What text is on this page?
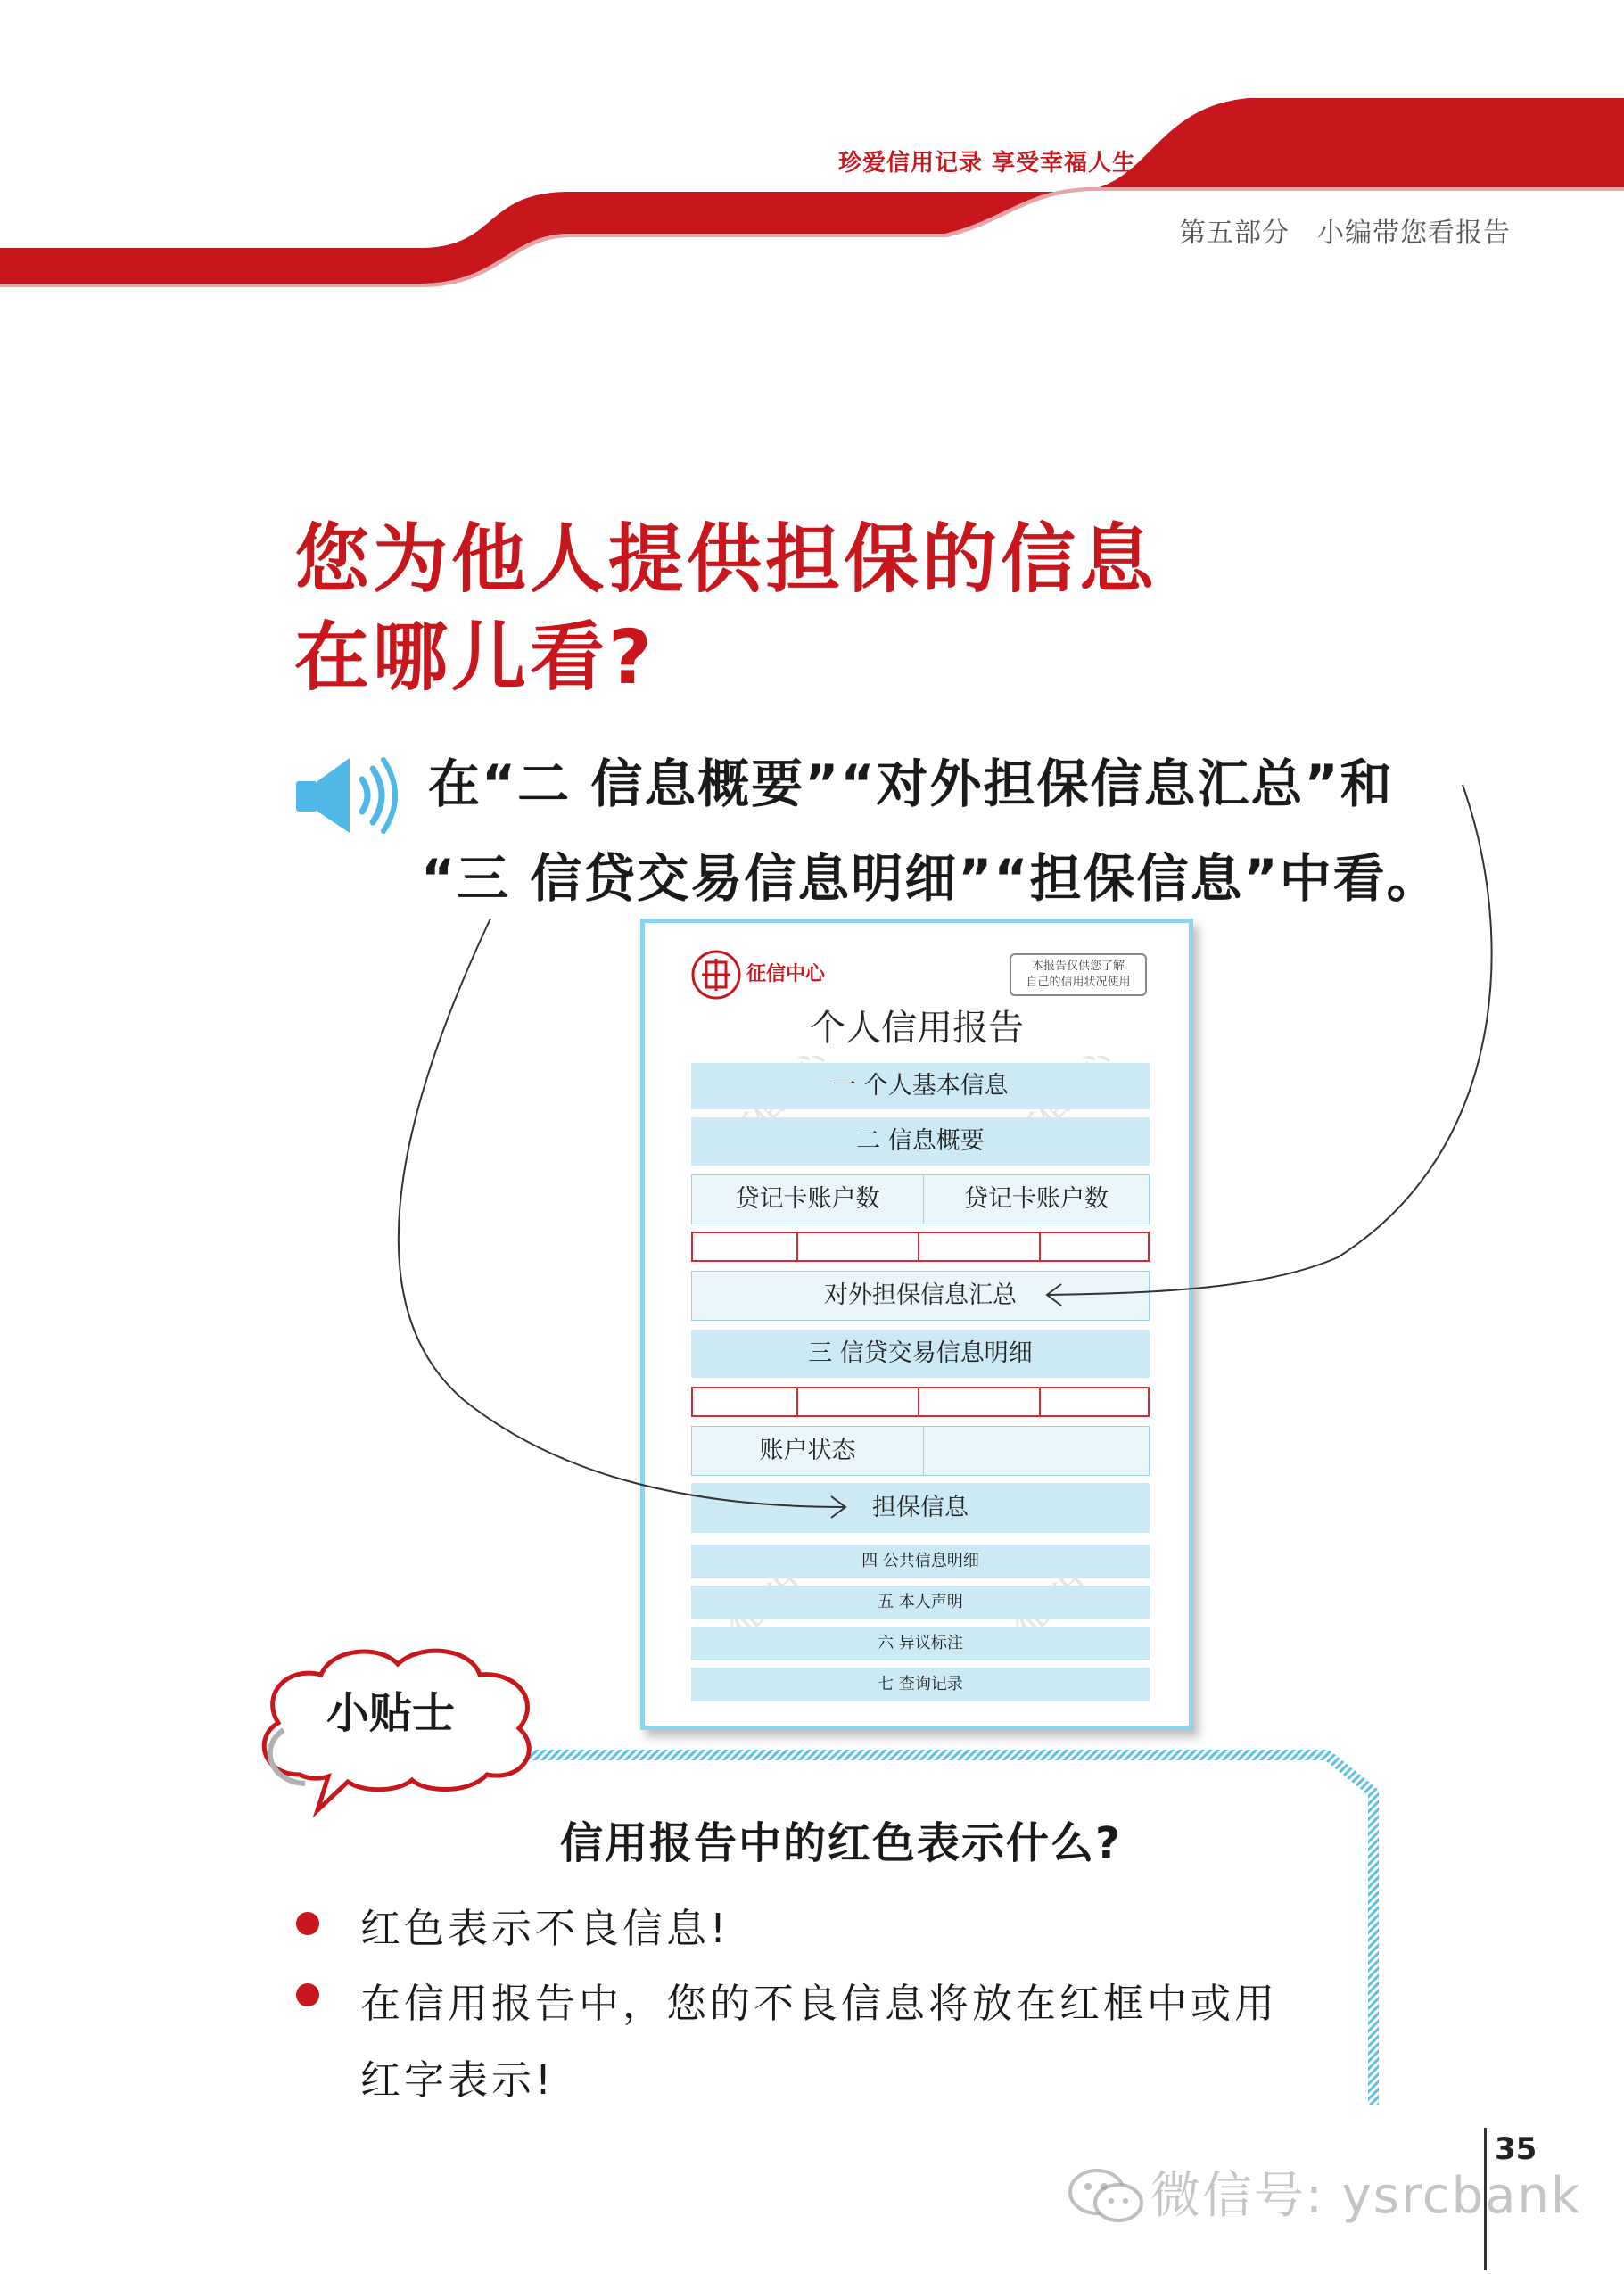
珍爱信用记录 享受幸福人生
第五部分　小编带您看报告
您为他人提供担保的信息
在哪儿看?
在“二 信息概要”“对外担保信息汇总”和
“三 信贷交易信息明细”“担保信息”中看。
征信中心	本报告仅供您了解
自己的信用状况使用
个人信用报告
一 个人基本信息
二 信息概要
贷记卡账户数	贷记卡账户数
对外担保信息汇总
三 信贷交易信息明细
账户状态
担保信息
四 公共信息明细
五 本人声明
六 异议标注
七 查询记录
小贴士
信用报告中的红色表示什么?
红色表示不良信息!
在信用报告中，您的不良信息将放在红框中或用
红字表示!
35
微信号: ysrcbank
